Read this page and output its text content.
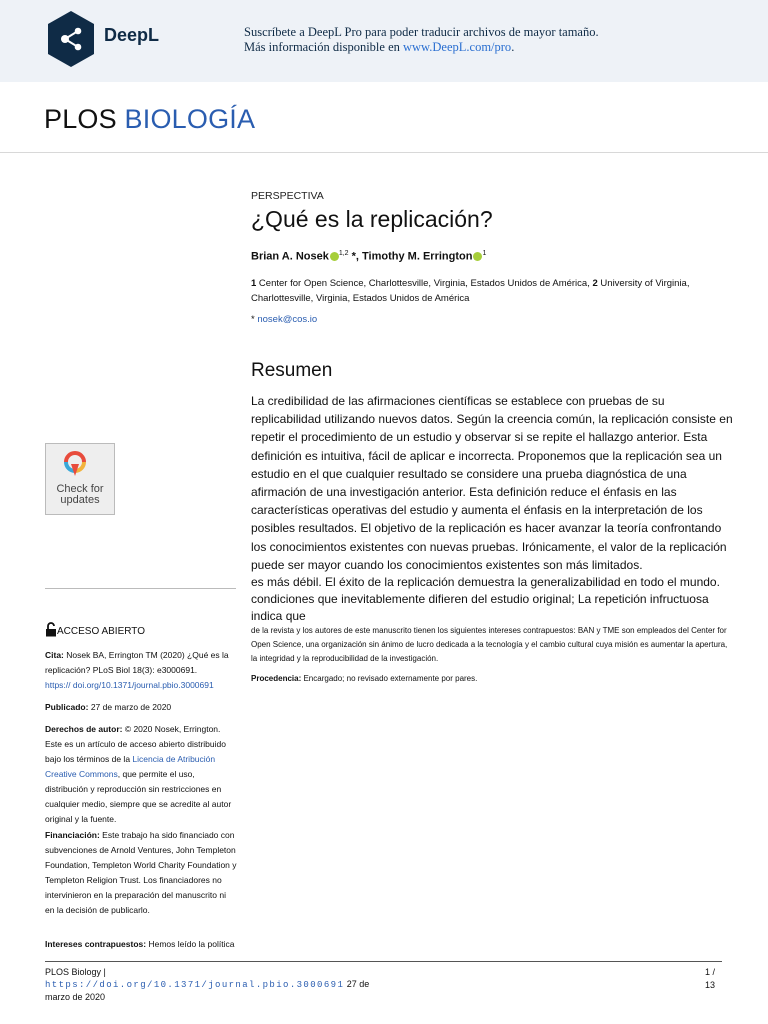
DeepL	Suscríbete a DeepL Pro para poder traducir archivos de mayor tamaño.
Más información disponible en www.DeepL.com/pro.
PLOS BIOLOGÍA
PERSPECTIVA
¿Qué es la replicación?
Brian A. Nosek $^{1,2}$ *, Timothy M. Errington $^1$
1 Center for Open Science, Charlottesville, Virginia, Estados Unidos de América, 2 University of Virginia, Charlottesville, Virginia, Estados Unidos de América
* nosek@cos.io
Resumen
La credibilidad de las afirmaciones científicas se establece con pruebas de su replicabilidad utilizando nuevos datos. Según la creencia común, la replicación consiste en repetir el procedimiento de un estudio y observar si se repite el hallazgo anterior. Esta definición es intuitiva, fácil de aplicar e incorrecta. Proponemos que la replicación sea un estudio en el que cualquier resultado se considere una prueba diagnóstica de una afirmación de una investigación anterior. Esta definición reduce el énfasis en las características operativas del estudio y aumenta el énfasis en la interpretación de los posibles resultados. El objetivo de la replicación es hacer avanzar la teoría confrontando los conocimientos existentes con nuevas pruebas. Irónicamente, el valor de la replicación puede ser mayor cuando los conocimientos existentes son más limitados.
es más débil. El éxito de la replicación demuestra la generalizabilidad en todo el mundo. condiciones que inevitablemente difieren del estudio original; La repetición infructuosa indica que
de la revista y los autores de este manuscrito tienen los siguientes intereses contrapuestos: BAN y TME son empleados del Center for Open Science, una organización sin ánimo de lucro dedicada a la tecnología y el cambio cultural cuya misión es aumentar la apertura, la integridad y la reproducibilidad de la investigación.
Procedencia: Encargado; no revisado externamente por pares.
Check for
updates
ACCESO ABIERTO
Cita: Nosek BA, Errington TM (2020) ¿Qué es la replicación? PLoS Biol 18(3): e3000691.
https:// doi.org/10.1371/journal.pbio.3000691
Publicado: 27 de marzo de 2020
Derechos de autor: © 2020 Nosek, Errington. Este es un artículo de acceso abierto distribuido bajo los términos de la Licencia de Atribución Creative Commons, que permite el uso, distribución y reproducción sin restricciones en cualquier medio, siempre que se acredite al autor original y la fuente.
Financiación: Este trabajo ha sido financiado con subvenciones de Arnold Ventures, John Templeton Foundation, Templeton World Charity Foundation y Templeton Religion Trust. Los financiadores no intervinieron en la preparación del manuscrito ni en la decisión de publicarlo.
Intereses contrapuestos: Hemos leído la política
PLOS Biology |
https://doi.org/10.1371/journal.pbio.3000691 27 de marzo de 2020
1 / 13
